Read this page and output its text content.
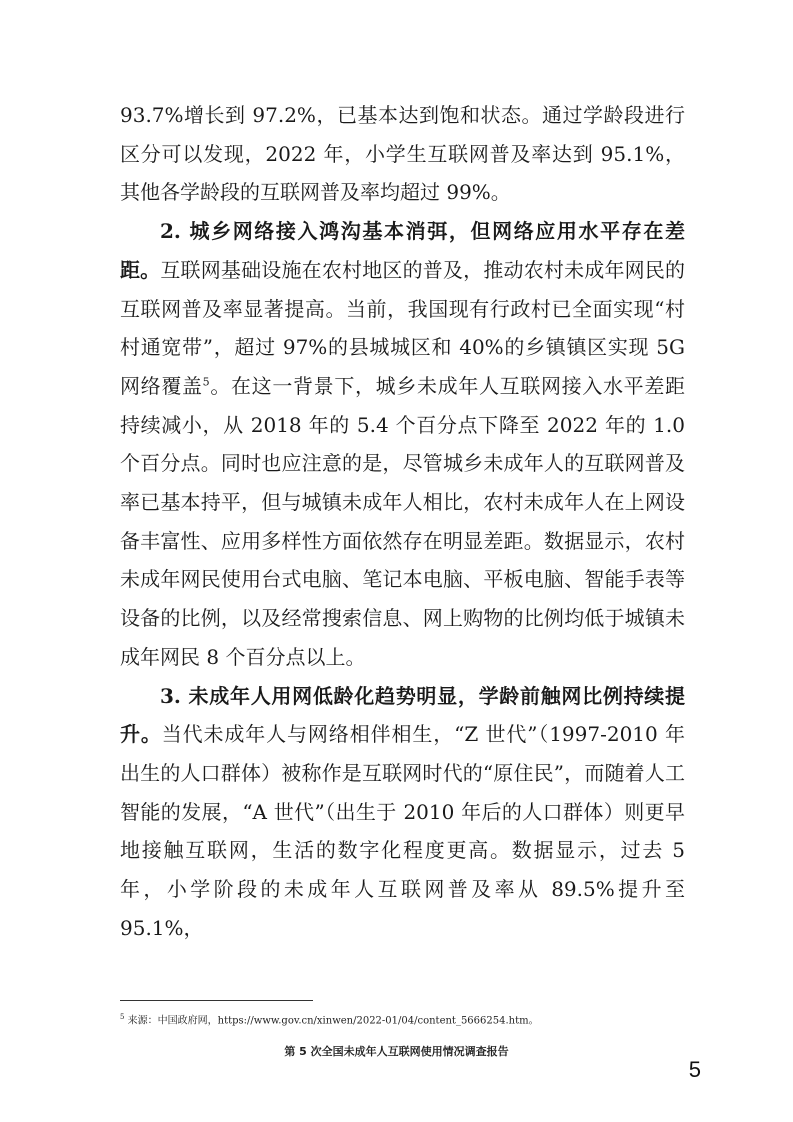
93.7%增长到 97.2%，已基本达到饱和状态。通过学龄段进行区分可以发现，2022 年，小学生互联网普及率达到 95.1%，其他各学龄段的互联网普及率均超过 99%。

2. 城乡网络接入鸿沟基本消弭，但网络应用水平存在差距。互联网基础设施在农村地区的普及，推动农村未成年网民的互联网普及率显著提高。当前，我国现有行政村已全面实现“村村通宽带”，超过 97%的县城城区和 40%的乡镇镇区实现 5G 网络覆盖$^5$。在这一背景下，城乡未成年人互联网接入水平差距持续减小，从 2018 年的 5.4 个百分点下降至 2022 年的 1.0 个百分点。同时也应注意的是，尽管城乡未成年人的互联网普及率已基本持平，但与城镇未成年人相比，农村未成年人在上网设备丰富性、应用多样性方面依然存在明显差距。数据显示，农村未成年网民使用台式电脑、笔记本电脑、平板电脑、智能手表等设备的比例，以及经常搜索信息、网上购物的比例均低于城镇未成年网民 8 个百分点以上。

3. 未成年人用网低龄化趋势明显，学龄前触网比例持续提升。当代未成年人与网络相伴相生，“Z 世代”（1997-2010 年出生的人口群体）被称作是互联网时代的“原住民”，而随着人工智能的发展，“A 世代”（出生于 2010 年后的人口群体）则更早地接触互联网，生活的数字化程度更高。数据显示，过去 5 年，小学阶段的未成年人互联网普及率从 89.5%提升至 95.1%，

$^5$ 来源：中国政府网，https://www.gov.cn/xinwen/2022-01/04/content_5666254.htm。
第 5 次全国未成年人互联网使用情况调查报告
5
